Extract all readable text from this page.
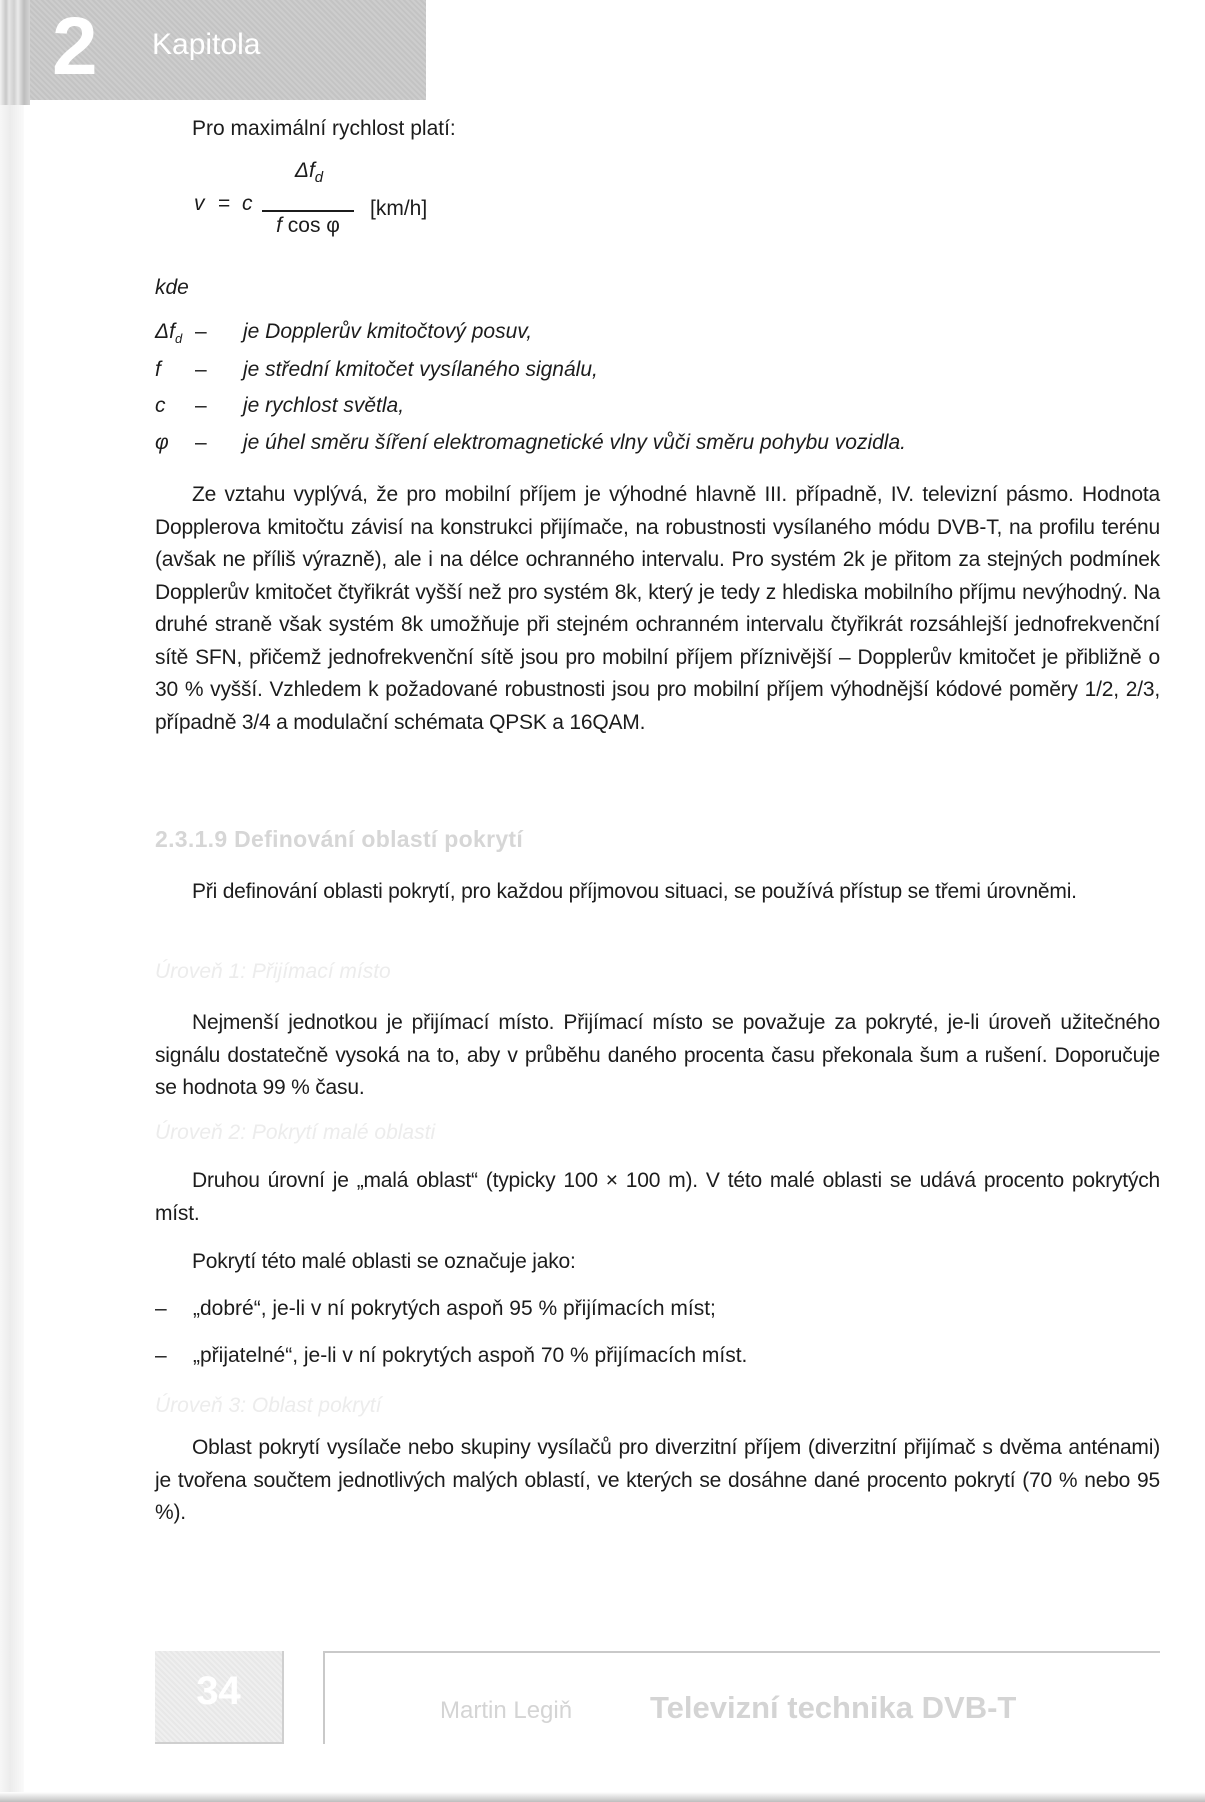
2 Kapitola
Pro maximální rychlost platí:
v = c
$\Delta f_d$
f cos φ
[km/h]
kde
$\Delta f_d$ – je Dopplerův kmitočtový posuv,
f	– je střední kmitočet vysílaného signálu,
c	– je rychlost světla,
φ	– je úhel směru šíření elektromagnetické vlny vůči směru pohybu vozidla.
Ze vztahu vyplývá, že pro mobilní příjem je výhodné hlavně III. případně, IV. televizní pásmo. Hodnota Dopplerova kmitočtu závisí na konstrukci přijímače, na robustnosti vysílaného módu DVB-T, na profilu terénu (avšak ne příliš výrazně), ale i na délce ochranného intervalu. Pro systém 2k je přitom za stejných podmínek Dopplerův kmitočet čtyřikrát vyšší než pro systém 8k, který je tedy z hlediska mobilního příjmu nevýhodný. Na druhé straně však systém 8k umožňuje při stejném ochranném intervalu čtyřikrát rozsáhlejší jednofrekvenční sítě SFN, přičemž jednofrekvenční sítě jsou pro mobilní příjem příznivější – Dopplerův kmitočet je přibližně o 30 % vyšší. Vzhledem k požadované robustnosti jsou pro mobilní příjem výhodnější kódové poměry 1/2, 2/3, případně 3/4 a modulační schémata QPSK a 16QAM.
2.3.1.9 Definování oblastí pokrytí
Při definování oblasti pokrytí, pro každou příjmovou situaci, se používá přístup se třemi úrovněmi.
Úroveň 1: Přijímací místo
Nejmenší jednotkou je přijímací místo. Přijímací místo se považuje za pokryté, je-li úroveň užitečného signálu dostatečně vysoká na to, aby v průběhu daného procenta času překonala šum a rušení. Doporučuje se hodnota 99 % času.
Úroveň 2: Pokrytí malé oblasti
Druhou úrovní je „malá oblast“ (typicky 100 × 100 m). V této malé oblasti se udává procento pokrytých míst.
Pokrytí této malé oblasti se označuje jako:
– „dobré“, je-li v ní pokrytých aspoň 95 % přijímacích míst;
– „přijatelné“, je-li v ní pokrytých aspoň 70 % přijímacích míst.
Úroveň 3: Oblast pokrytí
Oblast pokrytí vysílače nebo skupiny vysílačů pro diverzitní příjem (diverzitní přijímač s dvěma anténami) je tvořena součtem jednotlivých malých oblastí, ve kterých se dosáhne dané procento pokrytí (70 % nebo 95 %).
34	Martin Legiň	Televizní technika DVB-T
